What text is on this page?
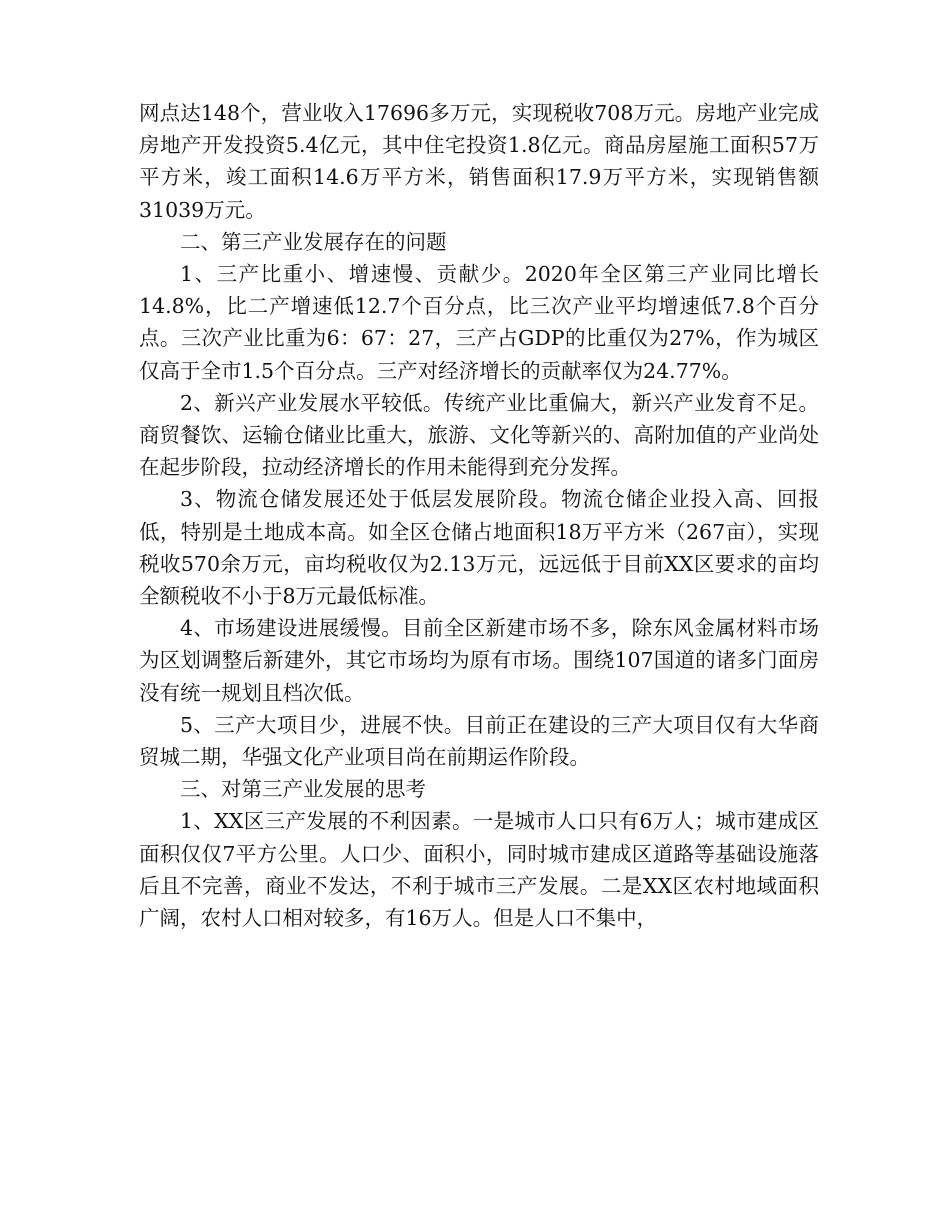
网点达148个，营业收入17696多万元，实现税收708万元。房地产业完成房地产开发投资5.4亿元，其中住宅投资1.8亿元。商品房屋施工面积57万平方米，竣工面积14.6万平方米，销售面积17.9万平方米，实现销售额31039万元。

二、第三产业发展存在的问题

1、三产比重小、增速慢、贡献少。2020年全区第三产业同比增长14.8%，比二产增速低12.7个百分点，比三次产业平均增速低7.8个百分点。三次产业比重为6：67：27，三产占GDP的比重仅为27%，作为城区仅高于全市1.5个百分点。三产对经济增长的贡献率仅为24.77%。

2、新兴产业发展水平较低。传统产业比重偏大，新兴产业发育不足。商贸餐饮、运输仓储业比重大，旅游、文化等新兴的、高附加值的产业尚处在起步阶段，拉动经济增长的作用未能得到充分发挥。

3、物流仓储发展还处于低层发展阶段。物流仓储企业投入高、回报低，特别是土地成本高。如全区仓储占地面积18万平方米（267亩），实现税收570余万元，亩均税收仅为2.13万元，远远低于目前XX区要求的亩均全额税收不小于8万元最低标准。

4、市场建设进展缓慢。目前全区新建市场不多，除东风金属材料市场为区划调整后新建外，其它市场均为原有市场。围绕107国道的诸多门面房没有统一规划且档次低。

5、三产大项目少，进展不快。目前正在建设的三产大项目仅有大华商贸城二期，华强文化产业项目尚在前期运作阶段。

三、对第三产业发展的思考

1、XX区三产发展的不利因素。一是城市人口只有6万人；城市建成区面积仅仅7平方公里。人口少、面积小，同时城市建成区道路等基础设施落后且不完善，商业不发达，不利于城市三产发展。二是XX区农村地域面积广阔，农村人口相对较多，有16万人。但是人口不集中，
